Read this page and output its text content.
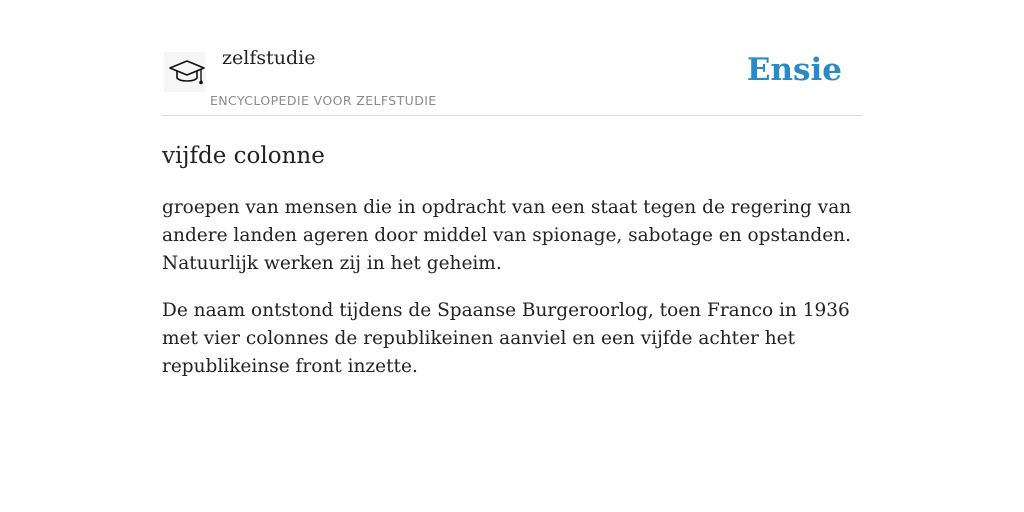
zelfstudie
ENCYCLOPEDIE VOOR ZELFSTUDIE
Ensie
vijfde colonne

groepen van mensen die in opdracht van een staat tegen de regering van andere landen ageren door middel van spionage, sabotage en opstanden. Natuurlijk werken zij in het geheim.

De naam ontstond tijdens de Spaanse Burgeroorlog, toen Franco in 1936 met vier colonnes de republikeinen aanviel en een vijfde achter het republikeinse front inzette.
